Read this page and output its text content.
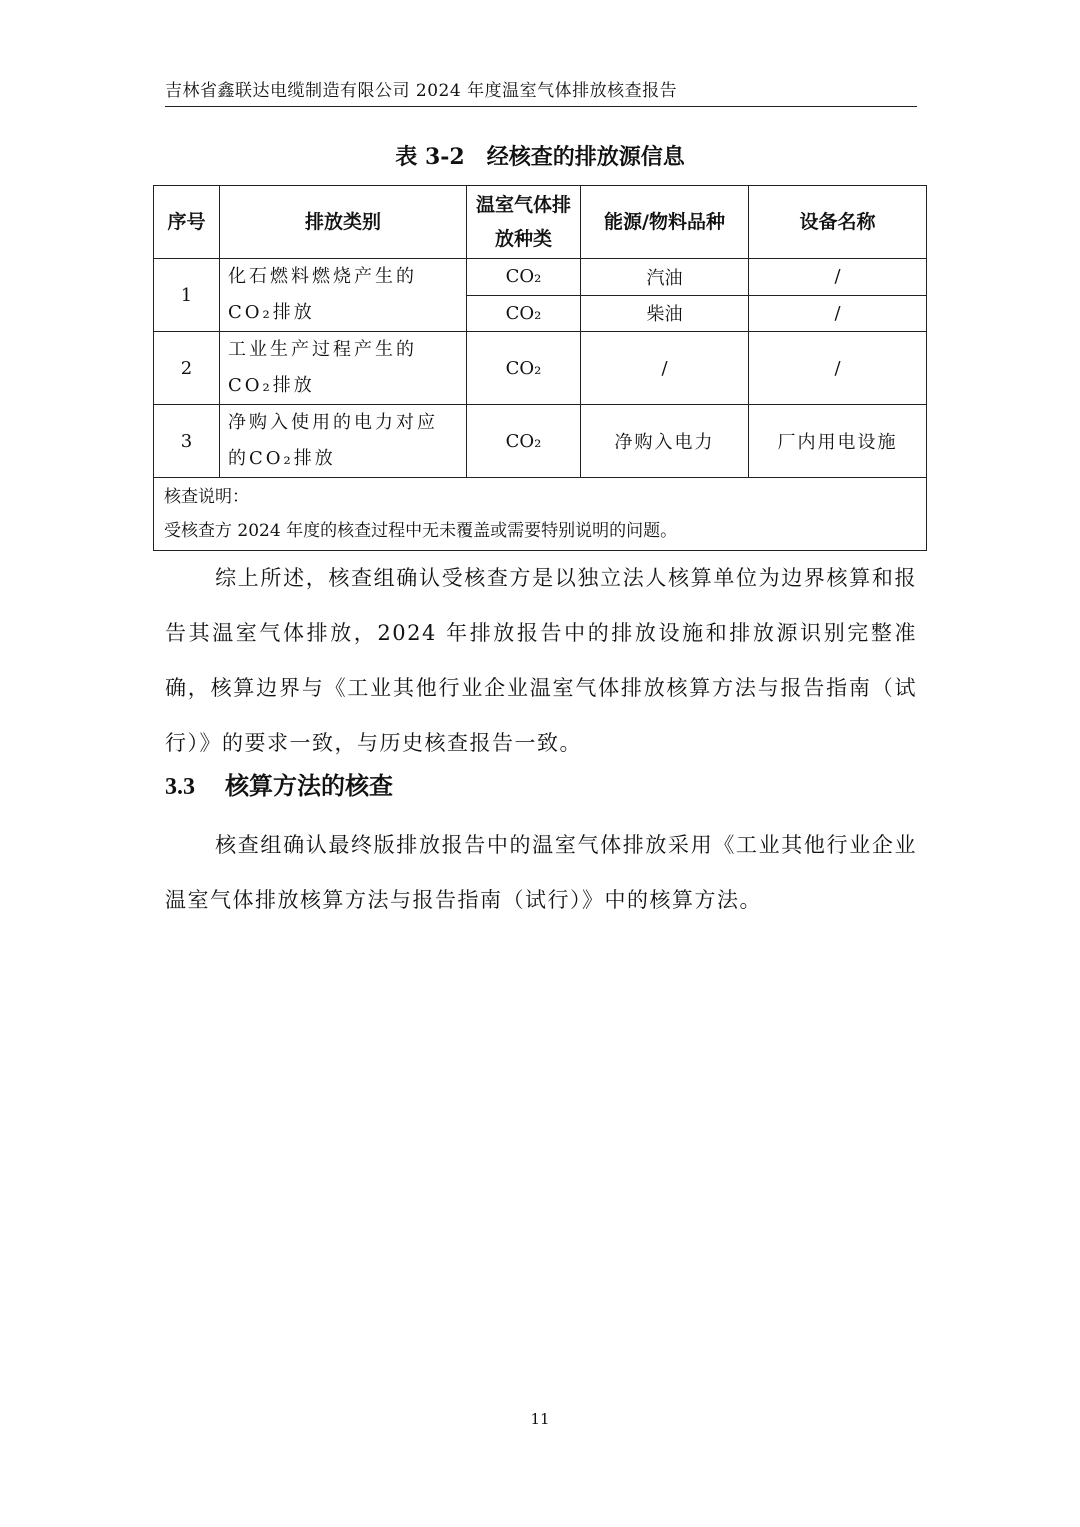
吉林省鑫联达电缆制造有限公司 2024 年度温室气体排放核查报告
表 3-2　经核查的排放源信息
序号	排放类别	温室气体排放种类	能源/物料品种	设备名称
1	化石燃料燃烧产生的CO₂排放	CO₂	汽油	/
		CO₂	柴油	/
2	工业生产过程产生的CO₂排放	CO₂	/	/
3	净购入使用的电力对应的CO₂排放	CO₂	净购入电力	厂内用电设施

核查说明：
受核查方 2024 年度的核查过程中无未覆盖或需要特别说明的问题。				

综上所述，核查组确认受核查方是以独立法人核算单位为边界核算和报告其温室气体排放，2024 年排放报告中的排放设施和排放源识别完整准确，核算边界与《工业其他行业企业温室气体排放核算方法与报告指南（试行）》的要求一致，与历史核查报告一致。

3.3 核算方法的核查

核查组确认最终版排放报告中的温室气体排放采用《工业其他行业企业温室气体排放核算方法与报告指南（试行）》中的核算方法。

11
